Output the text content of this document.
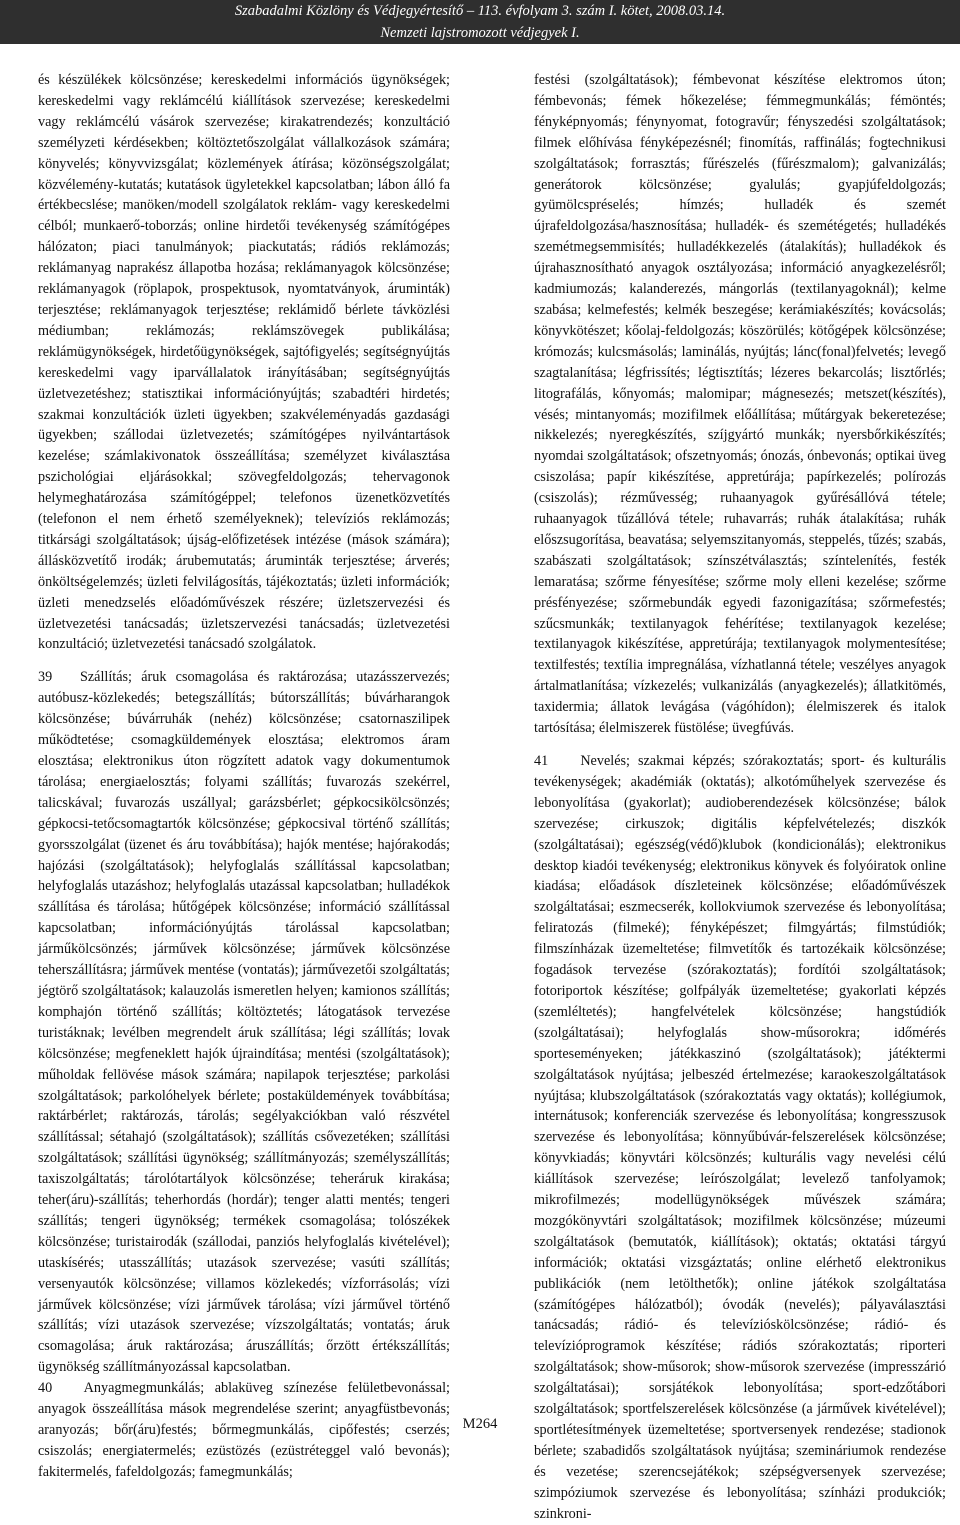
Szabadalmi Közlöny és Védjegyértesítő – 113. évfolyam 3. szám I. kötet, 2008.03.14.
Nemzeti lajstromozott védjegyek I.

és készülékek kölcsönzése; kereskedelmi információs ügynökségek; kereskedelmi vagy reklámcélú kiállítások szervezése; kereskedelmi vagy reklámcélú vásárok szervezése; kirakatrendezés; konzultáció személyzeti kérdésekben; költöztetőszolgálat vállalkozások számára; könyvelés; könyvvizsgálat; közlemények átírása; közönségszolgálat; közvélemény-kutatás; kutatások ügyletekkel kapcsolatban; lábon álló fa értékbecslése; manöken/modell szolgálatok reklám- vagy kereskedelmi célból; munkaerő-toborzás; online hirdetői tevékenység számítógépes hálózaton; piaci tanulmányok; piackutatás; rádiós reklámozás; reklámanyag naprakész állapotba hozása; reklámanyagok kölcsönzése; reklámanyagok (röplapok, prospektusok, nyomtatványok, áruminták) terjesztése; reklámanyagok terjesztése; reklámidő bérlete távközlési médiumban; reklámozás; reklámszövegek publikálása; reklámügynökségek, hirdetőügynökségek, sajtófigyelés; segítségnyújtás kereskedelmi vagy iparvállalatok irányításában; segítségnyújtás üzletvezetéshez; statisztikai információnyújtás; szabadtéri hirdetés; szakmai konzultációk üzleti ügyekben; szakvéleményadás gazdasági ügyekben; szállodai üzletvezetés; számítógépes nyilvántartások kezelése; számlakivonatok összeállítása; személyzet kiválasztása pszichológiai eljárásokkal; szövegfeldolgozás; tehervagonok helymeghatározása számítógéppel; telefonos üzenetközvetítés (telefonon el nem érhető személyeknek); televíziós reklámozás; titkársági szolgáltatások; újság-előfizetések intézése (mások számára); állásközvetítő irodák; árubemutatás; áruminták terjesztése; árverés; önköltségelemzés; üzleti felvilágosítás, tájékoztatás; üzleti információk; üzleti menedzselés előadóművészek részére; üzletszervezési és üzletvezetési tanácsadás; üzletszervezési tanácsadás; üzletvezetési konzultáció; üzletvezetési tanácsadó szolgálatok.

39 Szállítás; áruk csomagolása és raktározása; utazásszervezés; autóbusz-közlekedés; betegszállítás; bútorszállítás; búvárharangok kölcsönzése; búvárruhák (nehéz) kölcsönzése; csatornaszilipek működtetése; csomagküldemények elosztása; elektromos áram elosztása; elektronikus úton rögzített adatok vagy dokumentumok tárolása; energiaelosztás; folyami szállítás; fuvarozás szekérrel, talicskával; fuvarozás uszállyal; garázsbérlet; gépkocsikölcsönzés; gépkocsi-tetőcsomagtartók kölcsönzése; gépkocsival történő szállítás; gyorsszolgálat (üzenet és áru továbbítása); hajók mentése; hajórakodás; hajózási (szolgáltatások); helyfoglalás szállítással kapcsolatban; helyfoglalás utazáshoz; helyfoglalás utazással kapcsolatban; hulladékok szállítása és tárolása; hűtőgépek kölcsönzése; információ szállítással kapcsolatban; információnyújtás tárolással kapcsolatban; járműkölcsönzés; járművek kölcsönzése; járművek kölcsönzése teherszállításra; járművek mentése (vontatás); járművezetői szolgáltatás; jégtörő szolgáltatások; kalauzolás ismeretlen helyen; kamionos szállítás; komphajón történő szállítás; költöztetés; látogatások tervezése turistáknak; levélben megrendelt áruk szállítása; légi szállítás; lovak kölcsönzése; megfeneklett hajók újraindítása; mentési (szolgáltatások); műholdak fellövése mások számára; napilapok terjesztése; parkolási szolgáltatások; parkolóhelyek bérlete; postaküldemények továbbítása; raktárbérlet; raktározás, tárolás; segélyakciókban való részvétel szállítással; sétahajó (szolgáltatások); szállítás csővezetéken; szállítási szolgáltatások; szállítási ügynökség; szállítmányozás; személyszállítás; taxiszolgáltatás; tárolótartályok kölcsönzése; teheráruk kirakása; teher(áru)-szállítás; teherhordás (hordár); tenger alatti mentés; tengeri szállítás; tengeri ügynökség; termékek csomagolása; tolószékek kölcsönzése; turistairodák (szállodai, panziós helyfoglalás kivételével); utaskísérés; utasszállítás; utazások szervezése; vasúti szállítás; versenyautók kölcsönzése; villamos közlekedés; vízforrásolás; vízi járművek kölcsönzése; vízi járművek tárolása; vízi járművel történő szállítás; vízi utazások szervezése; vízszolgáltatás; vontatás; áruk csomagolása; áruk raktározása; áruszállítás; őrzött értékszállítás; ügynökség szállítmányozással kapcsolatban.

40 Anyagmegmunkálás; ablaküveg színezése felületbevonással; anyagok összeállítása mások megrendelése szerint; anyagfüstbevonás; aranyozás; bőr(áru)festés; bőrmegmunkálás, cipőfestés; cserzés; csiszolás; energiatermelés; ezüstözés (ezüstréteggel való bevonás); fakitermelés, fafeldolgozás; famegmunkálás;

festési (szolgáltatások); fémbevonat készítése elektromos úton; fémbevonás; fémek hőkezelése; fémmegmunkálás; fémöntés; fényképnyomás; fénynyomat, fotogravűr; fényszedési szolgáltatások; filmek előhívása fényképezésnél; finomítás, raffinálás; fogtechnikusi szolgáltatások; forrasztás; fűrészelés (fűrészmalom); galvanizálás; generátorok kölcsönzése; gyalulás; gyapjúfeldolgozás; gyümölcspréselés; hímzés; hulladék és szemét újrafeldolgozása/hasznosítása; hulladék- és szemétégetés; hulladékés szemétmegsemmisítés; hulladékkezelés (átalakítás); hulladékok és újrahasznosítható anyagok osztályozása; információ anyagkezelésről; kadmiumozás; kalanderezés, mángorlás (textilanyagoknál); kelme szabása; kelmefestés; kelmék beszegése; kerámiakészítés; kovácsolás; könyvkötészet; kőolaj-feldolgozás; köszörülés; kötőgépek kölcsönzése; krómozás; kulcsmásolás; laminálás, nyújtás; lánc(fonal)felvetés; levegő szagtalanítása; légfrissítés; légtisztítás; lézeres bekarcolás; lisztőrlés; litografálás, kőnyomás; malomipar; mágnesezés; metszet(készítés), vésés; mintanyomás; mozifilmek előállítása; műtárgyak bekeretezése; nikkelezés; nyeregkészítés, szíjgyártó munkák; nyersbőrkikészítés; nyomdai szolgáltatások; ofszetnyomás; ónozás, ónbevonás; optikai üveg csiszolása; papír kikészítése, appretúrája; papírkezelés; polírozás (csiszolás); rézművesség; ruhaanyagok gyűrésállóvá tétele; ruhaanyagok tűzállóvá tétele; ruhavarrás; ruhák átalakítása; ruhák előszsugorítása, beavatása; selyemszitanyomás, steppelés, tűzés; szabás, szabászati szolgáltatások; színszétválasztás; színtelenítés, festék lemaratása; szőrme fényesítése; szőrme moly elleni kezelése; szőrme présfényezése; szőrmebundák egyedi fazonigazítása; szőrmefestés; szűcsmunkák; textilanyagok fehérítése; textilanyagok kezelése; textilanyagok kikészítése, appretúrája; textilanyagok molymentesítése; textilfestés; textília impregnálása, vízhatlanná tétele; veszélyes anyagok ártalmatlanítása; vízkezelés; vulkanizálás (anyagkezelés); állatkitömés, taxidermia; állatok levágása (vágóhídon); élelmiszerek és italok tartósítása; élelmiszerek füstölése; üvegfúvás.

41 Nevelés; szakmai képzés; szórakoztatás; sport- és kulturális tevékenységek; akadémiák (oktatás); alkotóműhelyek szervezése és lebonyolítása (gyakorlat); audioberendezések kölcsönzése; bálok szervezése; cirkuszok; digitális képfelvételezés; diszkók (szolgáltatásai); egészség(védő)klubok (kondicionálás); elektronikus desktop kiadói tevékenység; elektronikus könyvek és folyóiratok online kiadása; előadások díszleteinek kölcsönzése; előadóművészek szolgáltatásai; eszmecserék, kollokviumok szervezése és lebonyolítása; feliratozás (filmeké); fényképészet; filmgyártás; filmstúdiók; filmszínházak üzemeltetése; filmvetítők és tartozékaik kölcsönzése; fogadások tervezése (szórakoztatás); fordítói szolgáltatások; fotoriportok készítése; golfpályák üzemeltetése; gyakorlati képzés (szemléltetés); hangfelvételek kölcsönzése; hangstúdiók (szolgáltatásai); helyfoglalás show-műsorokra; időmérés sporteseményeken; játékkaszinó (szolgáltatások); játéktermi szolgáltatások nyújtása; jelbeszéd értelmezése; karaokeszolgáltatások nyújtása; klubszolgáltatások (szórakoztatás vagy oktatás); kollégiumok, internátusok; konferenciák szervezése és lebonyolítása; kongresszusok szervezése és lebonyolítása; könnyűbúvár-felszerelések kölcsönzése; könyvkiadás; könyvtári kölcsönzés; kulturális vagy nevelési célú kiállítások szervezése; leírószolgálat; levelező tanfolyamok; mikrofilmezés; modellügynökségek művészek számára; mozgókönyvtári szolgáltatások; mozifilmek kölcsönzése; múzeumi szolgáltatások (bemutatók, kiállítások); oktatás; oktatási tárgyú információk; oktatási vizsgáztatás; online elérhető elektronikus publikációk (nem letölthetők); online játékok szolgáltatása (számítógépes hálózatból); óvodák (nevelés); pályaválasztási tanácsadás; rádió- és televízióskölcsönzése; rádió- és televízióprogramok készítése; rádiós szórakoztatás; riporteri szolgáltatások; show-műsorok; show-műsorok szervezése (impresszárió szolgáltatásai); sorsjátékok lebonyolítása; sport-edzőtábori szolgáltatások; sportfelszerelések kölcsönzése (a járművek kivételével); sportlétesítmények üzemeltetése; sportversenyek rendezése; stadionok bérlete; szabadidős szolgáltatások nyújtása; szemináriumok rendezése és vezetése; szerencsejátékok; szépségversenyek szervezése; szimpóziumok szervezése és lebonyolítása; színházi produkciók; szinkroni-

M264
